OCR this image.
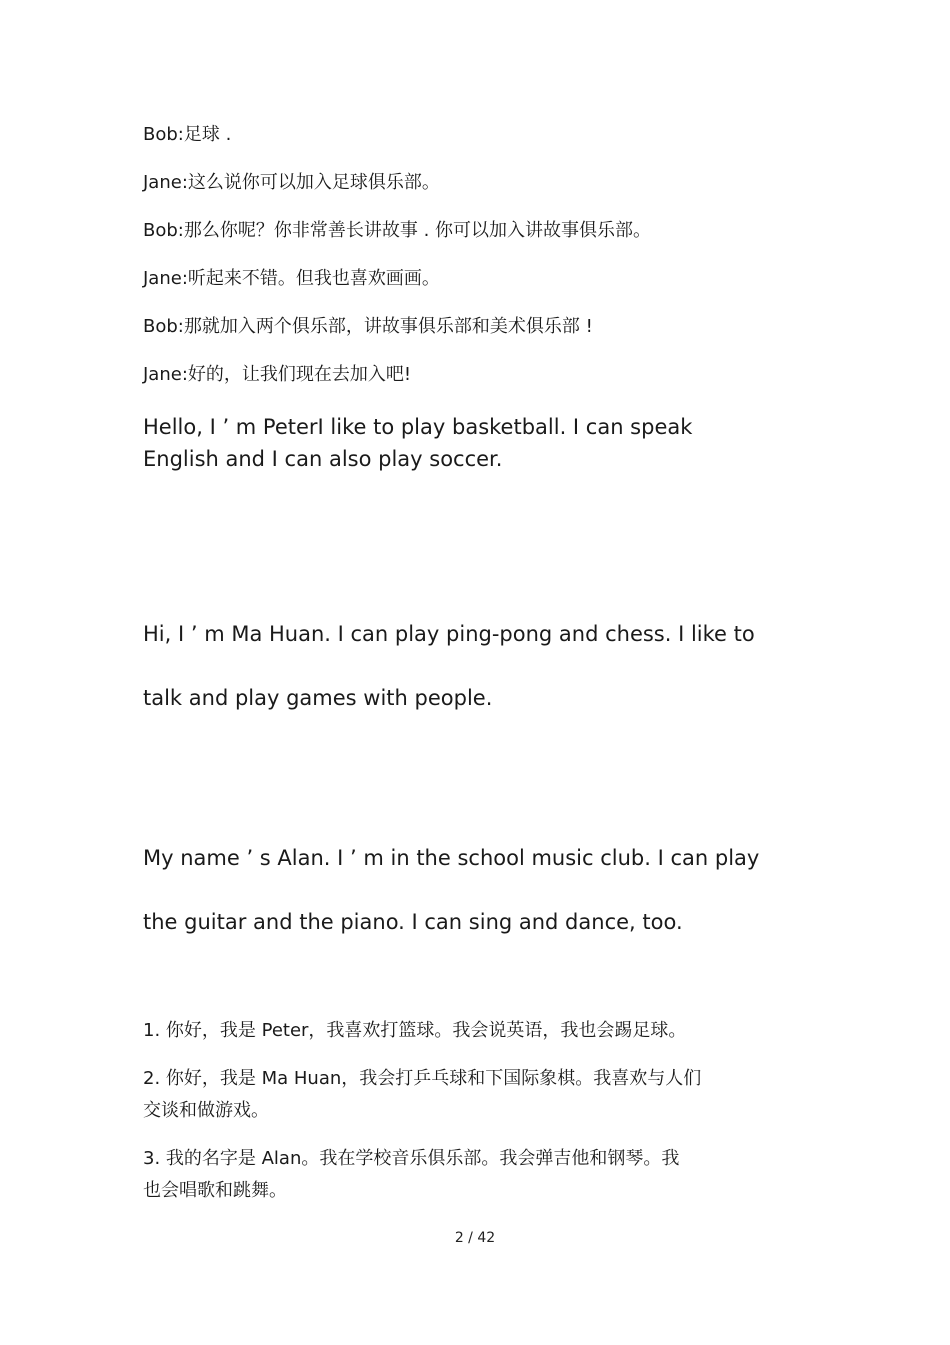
Bob:足球 .

Jane:这么说你可以加入足球俱乐部。

Bob:那么你呢？你非常善长讲故事 . 你可以加入讲故事俱乐部。

Jane:听起来不错。但我也喜欢画画。

Bob:那就加入两个俱乐部，讲故事俱乐部和美术俱乐部 !

Jane:好的，让我们现在去加入吧!

Hello, I ’ m PeterI like to play basketball. I can speak
English and I can also play soccer.
Hi, I ’ m Ma Huan. I can play ping-pong and chess. I like to
talk and play games with people.
My name ’ s Alan. I ’ m in the school music club. I can play
the guitar and the piano. I can sing and dance, too.
1. 你好，我是 Peter，我喜欢打篮球。我会说英语，我也会踢足球。
2. 你好，我是 Ma Huan，我会打乒乓球和下国际象棋。我喜欢与人们
交谈和做游戏。
3. 我的名字是 Alan。我在学校音乐俱乐部。我会弹吉他和钢琴。我
也会唱歌和跳舞。
2 / 42
